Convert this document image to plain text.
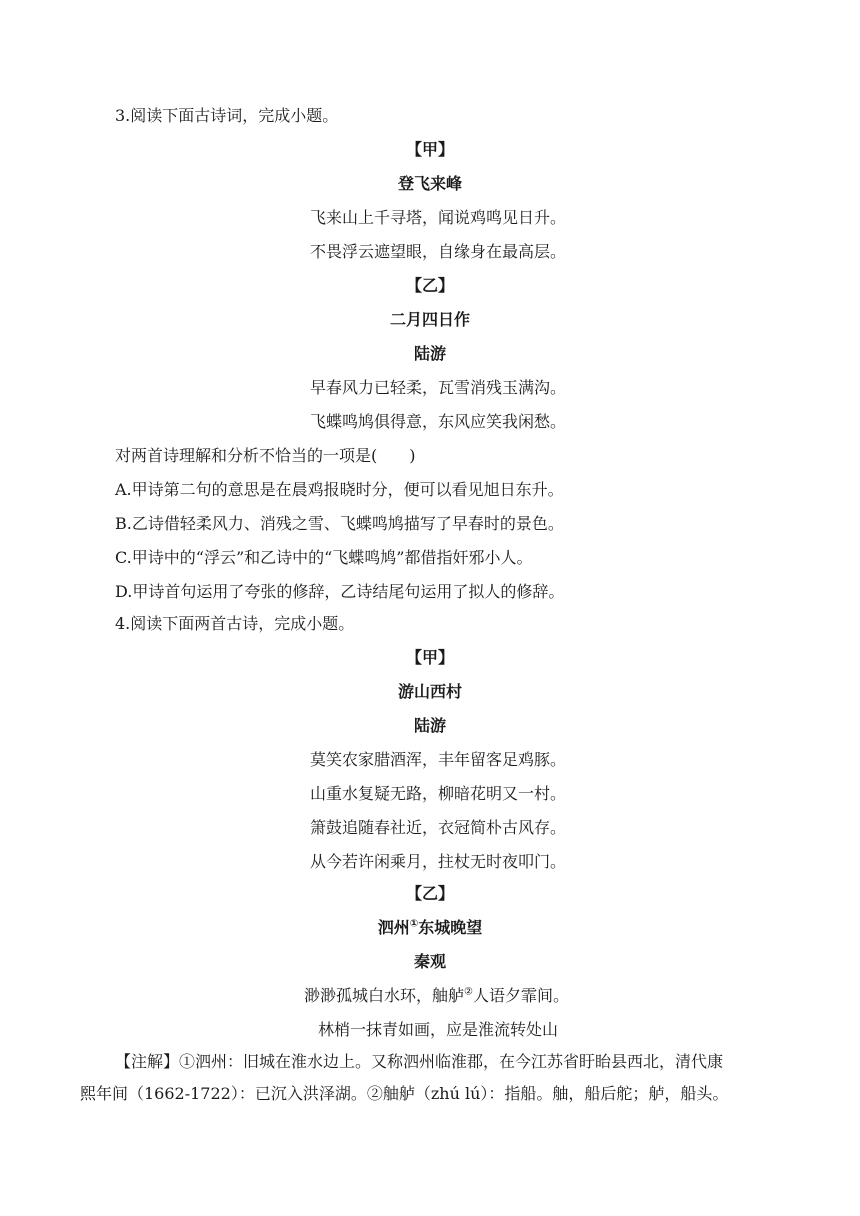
3.阅读下面古诗词，完成小题。
【甲】
登飞来峰
飞来山上千寻塔，闻说鸡鸣见日升。
不畏浮云遮望眼，自缘身在最高层。
【乙】
二月四日作
陆游
早春风力已轻柔，瓦雪消残玉满沟。
飞蝶鸣鸠俱得意，东风应笑我闲愁。
对两首诗理解和分析不恰当的一项是(　　)
A.甲诗第二句的意思是在晨鸡报晓时分，便可以看见旭日东升。
B.乙诗借轻柔风力、消残之雪、飞蝶鸣鸠描写了早春时的景色。
C.甲诗中的“浮云”和乙诗中的“飞蝶鸣鸠”都借指奸邪小人。
D.甲诗首句运用了夸张的修辞，乙诗结尾句运用了拟人的修辞。
4.阅读下面两首古诗，完成小题。
【甲】
游山西村
陆游
莫笑农家腊酒浑，丰年留客足鸡豚。
山重水复疑无路，柳暗花明又一村。
箫鼓追随春社近，衣冠简朴古风存。
从今若许闲乘月，拄杖无时夜叩门。
【乙】
泗州①东城晚望
秦观
渺渺孤城白水环，舳舻②人语夕霏间。
林梢一抹青如画，应是淮流转处山
【注解】①泗州：旧城在淮水边上。又称泗州临淮郡，在今江苏省盱眙县西北，清代康
熙年间（1662-1722）：已沉入洪泽湖。②舳舻（zhú lú）：指船。舳，船后舵；舻，船头。
